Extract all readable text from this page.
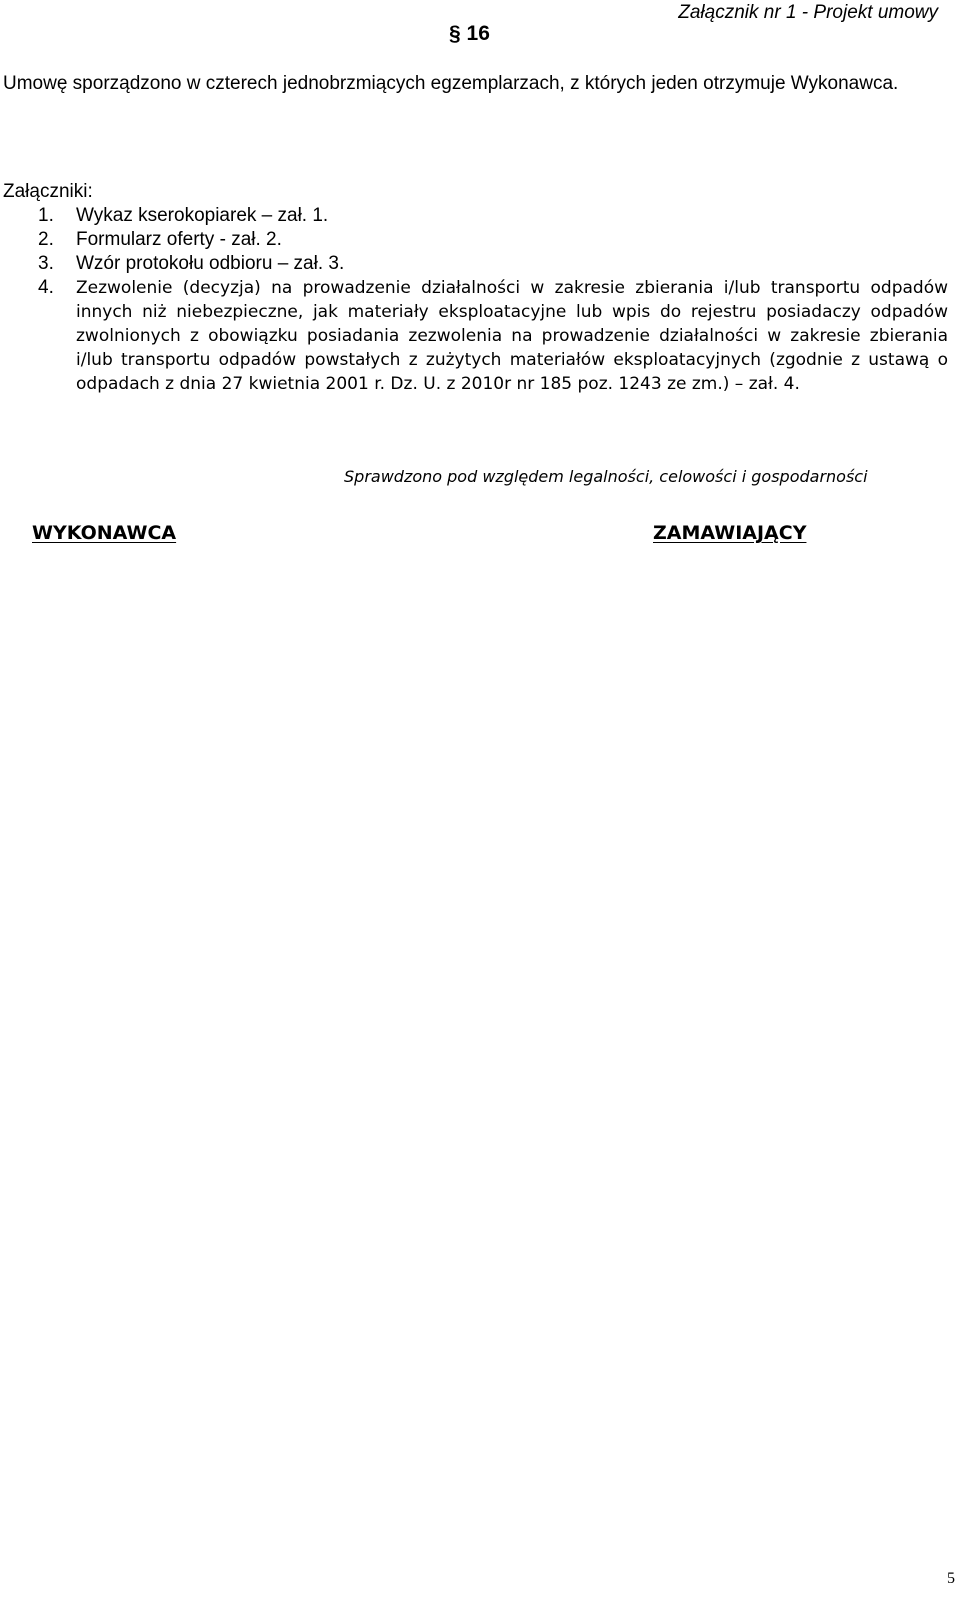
Załącznik nr 1 - Projekt umowy
§ 16
Umowę sporządzono w czterech jednobrzmiących egzemplarzach, z których jeden otrzymuje Wykonawca.
Załączniki:
1. Wykaz kserokopiarek – zał. 1.
2. Formularz oferty - zał. 2.
3. Wzór protokołu odbioru – zał. 3.
4. Zezwolenie (decyzja) na prowadzenie działalności w zakresie zbierania i/lub transportu odpadów innych niż niebezpieczne, jak materiały eksploatacyjne lub wpis do rejestru posiadaczy odpadów zwolnionych z obowiązku posiadania zezwolenia na prowadzenie działalności w zakresie zbierania i/lub transportu odpadów powstałych z zużytych materiałów eksploatacyjnych (zgodnie z ustawą o odpadach z dnia 27 kwietnia 2001 r. Dz. U. z 2010r nr 185 poz. 1243 ze zm.) – zał. 4.
Sprawdzono pod względem legalności, celowości i gospodarności
WYKONAWCA	ZAMAWIAJĄCY
5
